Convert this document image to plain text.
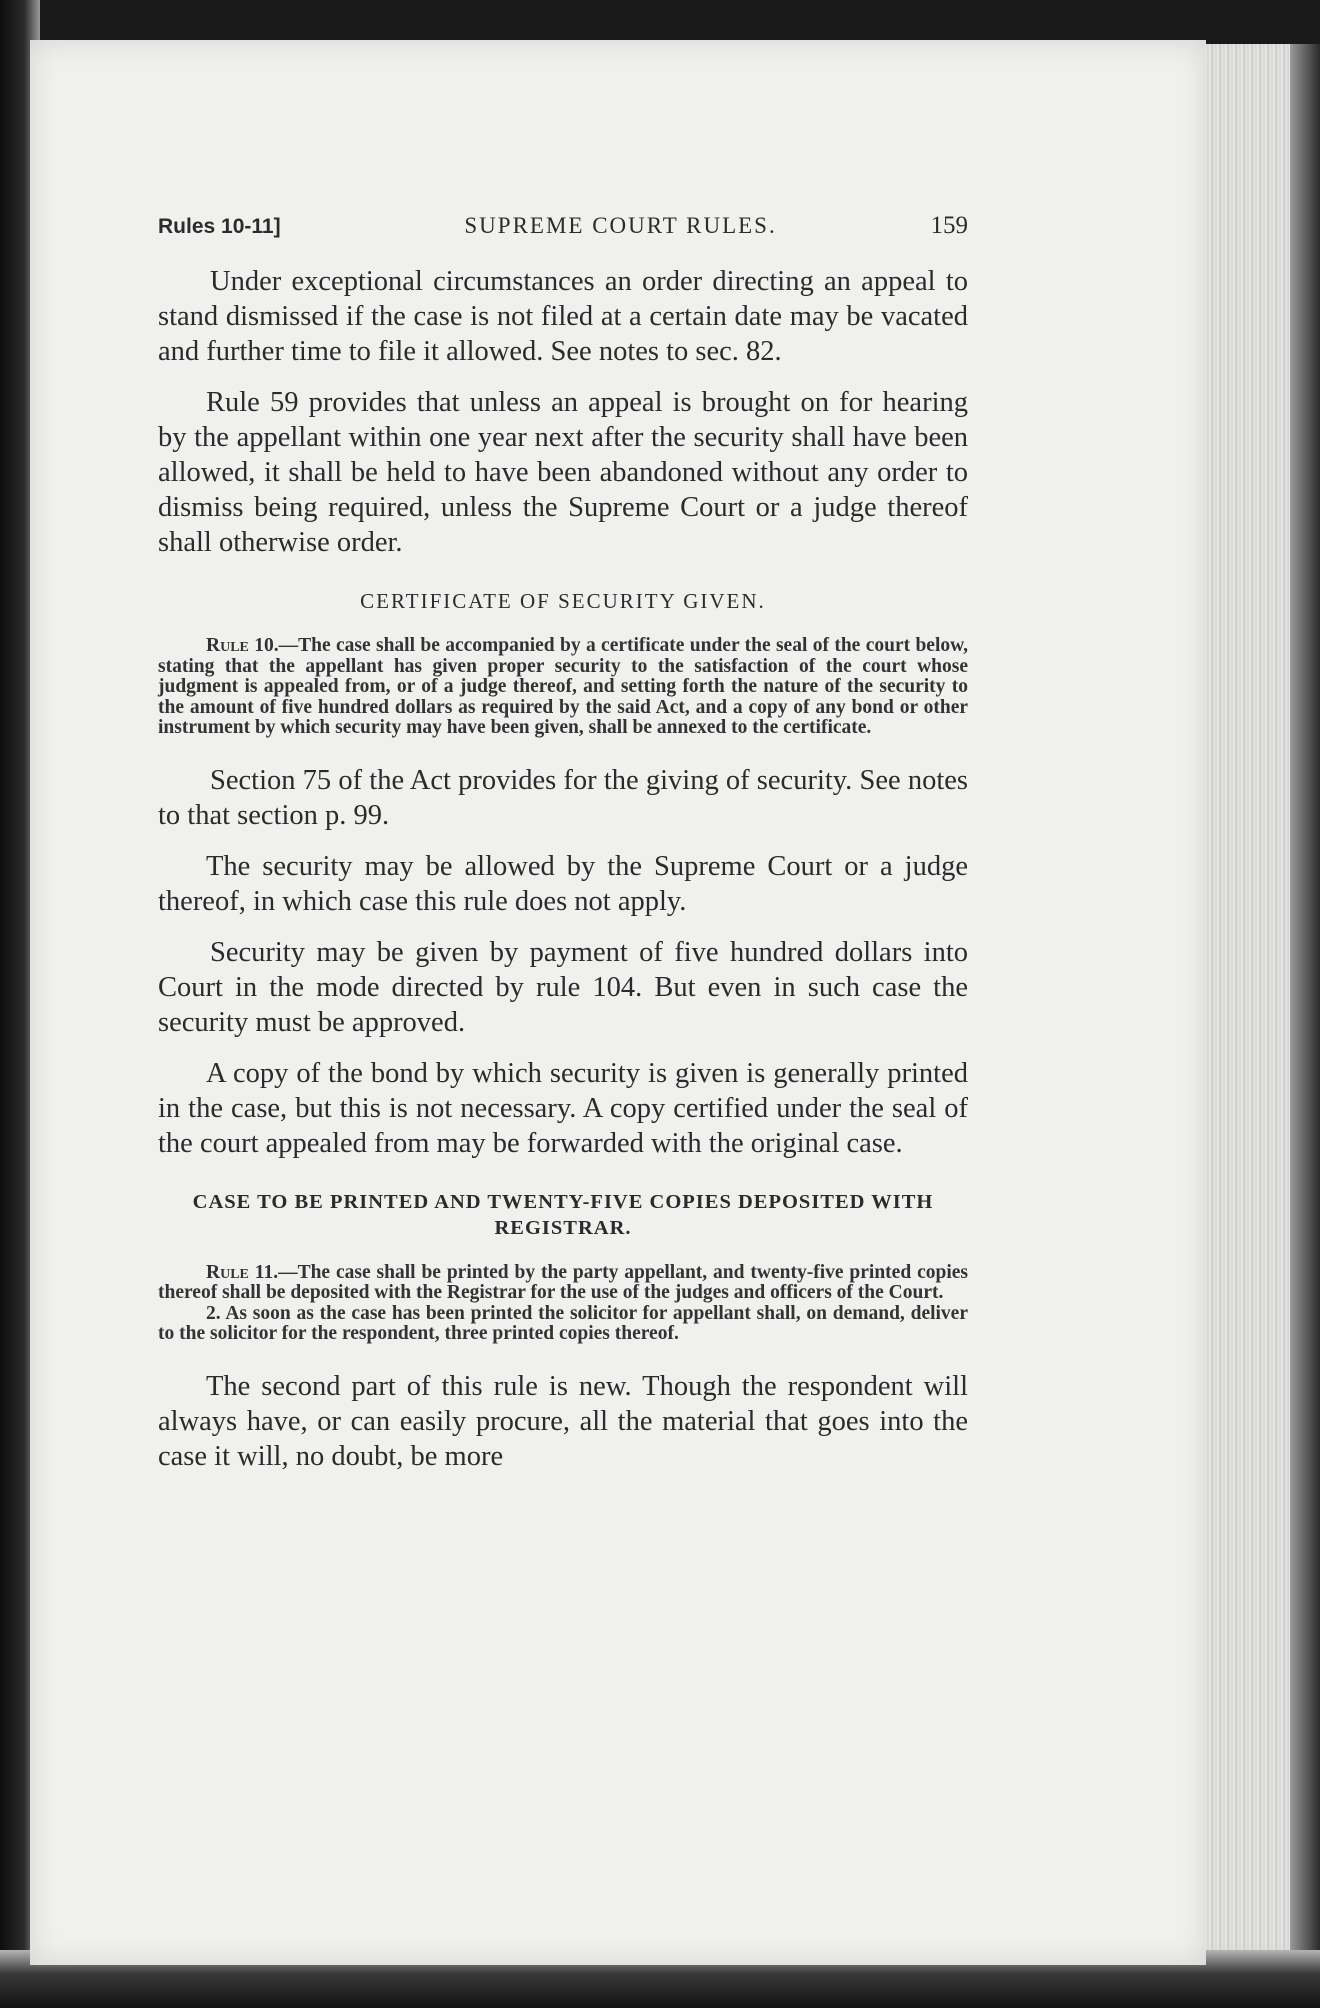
Rules 10-11]	SUPREME COURT RULES.	159

Under exceptional circumstances an order directing an appeal to stand dismissed if the case is not filed at a certain date may be vacated and further time to file it allowed. See notes to sec. 82.

Rule 59 provides that unless an appeal is brought on for hearing by the appellant within one year next after the security shall have been allowed, it shall be held to have been abandoned without any order to dismiss being required, unless the Supreme Court or a judge thereof shall otherwise order.

CERTIFICATE OF SECURITY GIVEN.

Rule 10.—The case shall be accompanied by a certificate under the seal of the court below, stating that the appellant has given proper security to the satisfaction of the court whose judgment is appealed from, or of a judge thereof, and setting forth the nature of the security to the amount of five hundred dollars as required by the said Act, and a copy of any bond or other instrument by which security may have been given, shall be annexed to the certificate.

Section 75 of the Act provides for the giving of security. See notes to that section p. 99.

The security may be allowed by the Supreme Court or a judge thereof, in which case this rule does not apply.

Security may be given by payment of five hundred dollars into Court in the mode directed by rule 104. But even in such case the security must be approved.

A copy of the bond by which security is given is generally printed in the case, but this is not necessary. A copy certified under the seal of the court appealed from may be forwarded with the original case.

CASE TO BE PRINTED AND TWENTY-FIVE COPIES DEPOSITED WITH REGISTRAR.

Rule 11.—The case shall be printed by the party appellant, and twenty-five printed copies thereof shall be deposited with the Registrar for the use of the judges and officers of the Court.

2. As soon as the case has been printed the solicitor for appellant shall, on demand, deliver to the solicitor for the respondent, three printed copies thereof.

The second part of this rule is new. Though the respondent will always have, or can easily procure, all the material that goes into the case it will, no doubt, be more
